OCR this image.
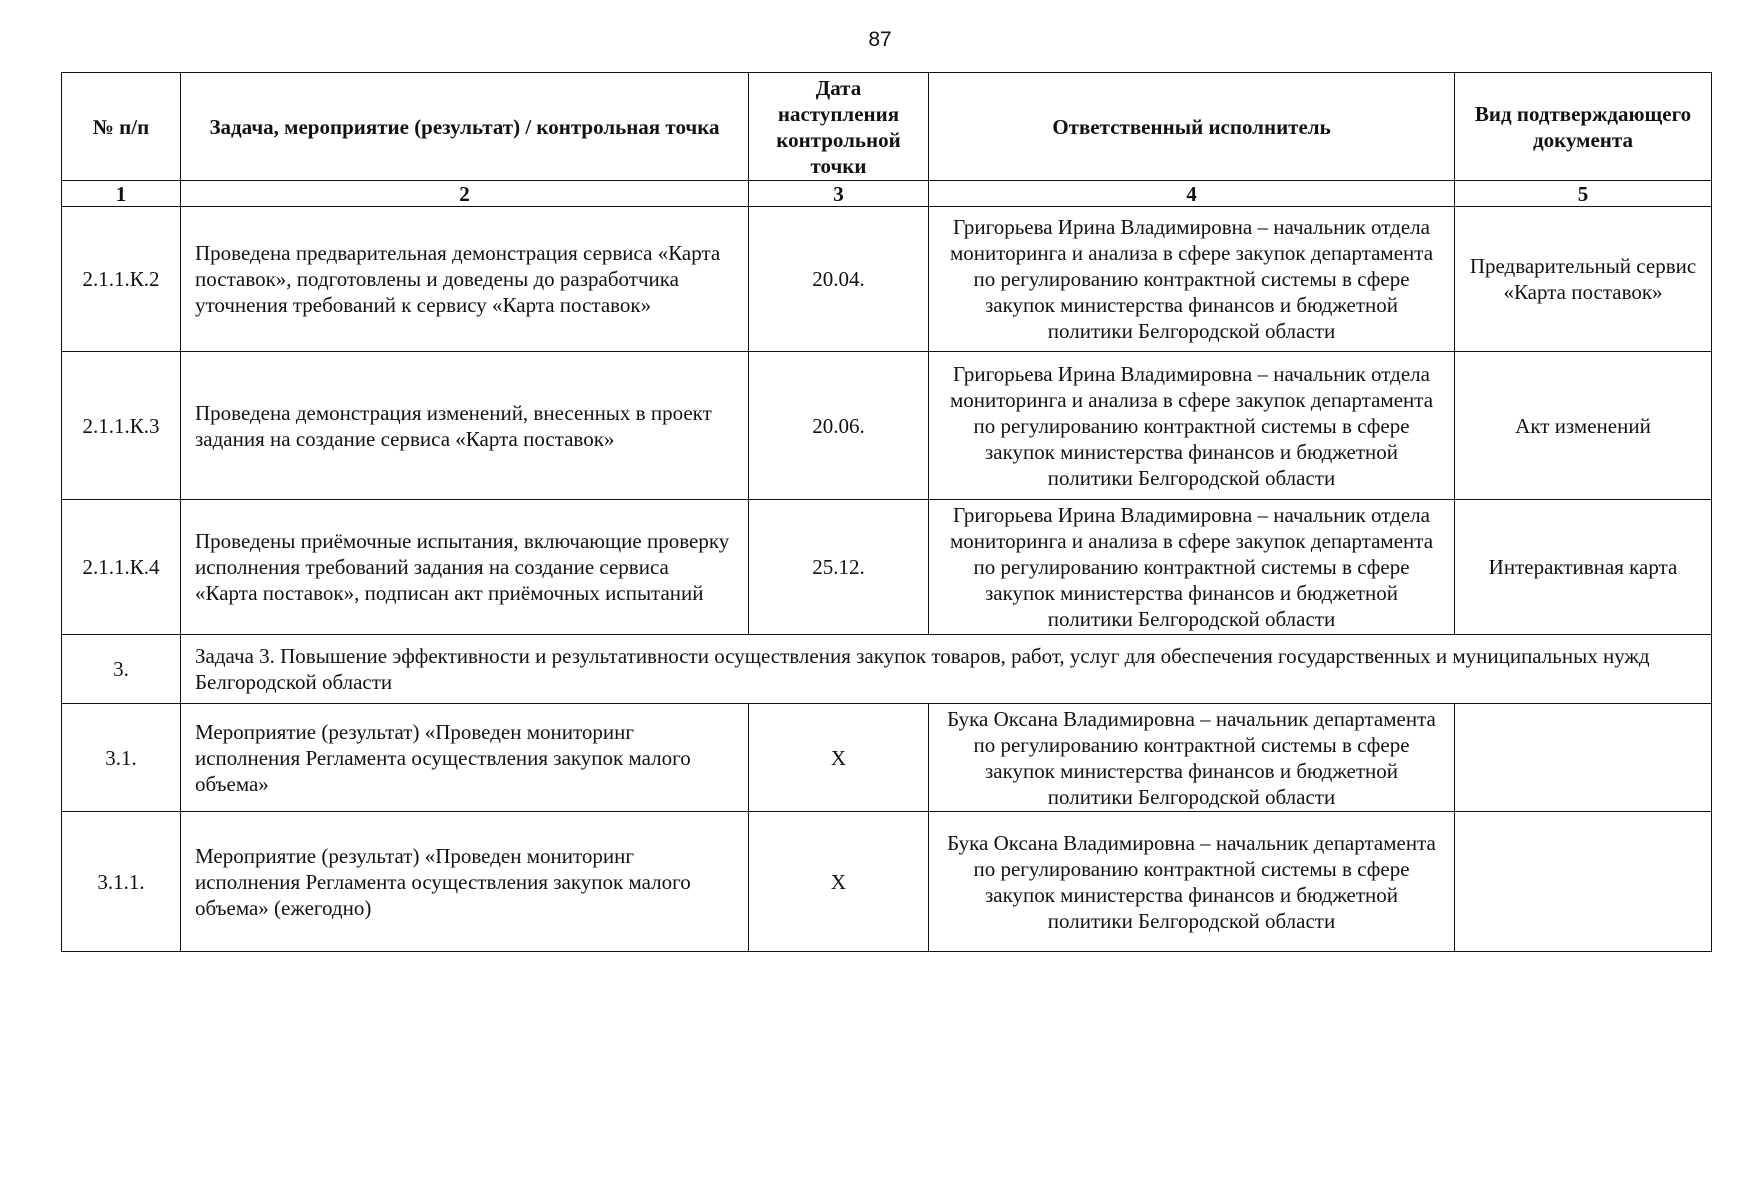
87
№ п/п	Задача, мероприятие (результат) / контрольная точка	Дата наступления контрольной точки	Ответственный исполнитель	Вид подтверждающего документа
1	2	3	4	5
2.1.1.К.2	Проведена предварительная демонстрация сервиса «Карта поставок», подготовлены и доведены до разработчика уточнения требований к сервису «Карта поставок»	20.04.	Григорьева Ирина Владимировна – начальник отдела мониторинга и анализа в сфере закупок департамента по регулированию контрактной системы в сфере закупок министерства финансов и бюджетной политики Белгородской области	Предварительный сервис «Карта поставок»
2.1.1.К.3	Проведена демонстрация изменений, внесенных в проект задания на создание сервиса «Карта поставок»	20.06.	Григорьева Ирина Владимировна – начальник отдела мониторинга и анализа в сфере закупок департамента по регулированию контрактной системы в сфере закупок министерства финансов и бюджетной политики Белгородской области	Акт изменений
2.1.1.К.4	Проведены приёмочные испытания, включающие проверку исполнения требований задания на создание сервиса «Карта поставок», подписан акт приёмочных испытаний	25.12.	Григорьева Ирина Владимировна – начальник отдела мониторинга и анализа в сфере закупок департамента по регулированию контрактной системы в сфере закупок министерства финансов и бюджетной политики Белгородской области	Интерактивная карта
3.	Задача 3. Повышение эффективности и результативности осуществления закупок товаров, работ, услуг для обеспечения государственных и муниципальных нужд Белгородской области			
3.1.	Мероприятие (результат) «Проведен мониторинг исполнения Регламента осуществления закупок малого объема»	Х	Бука Оксана Владимировна – начальник департамента по регулированию контрактной системы в сфере закупок министерства финансов и бюджетной политики Белгородской области	
3.1.1.	Мероприятие (результат) «Проведен мониторинг исполнения Регламента осуществления закупок малого объема» (ежегодно)	Х	Бука Оксана Владимировна – начальник департамента по регулированию контрактной системы в сфере закупок министерства финансов и бюджетной политики Белгородской области	
